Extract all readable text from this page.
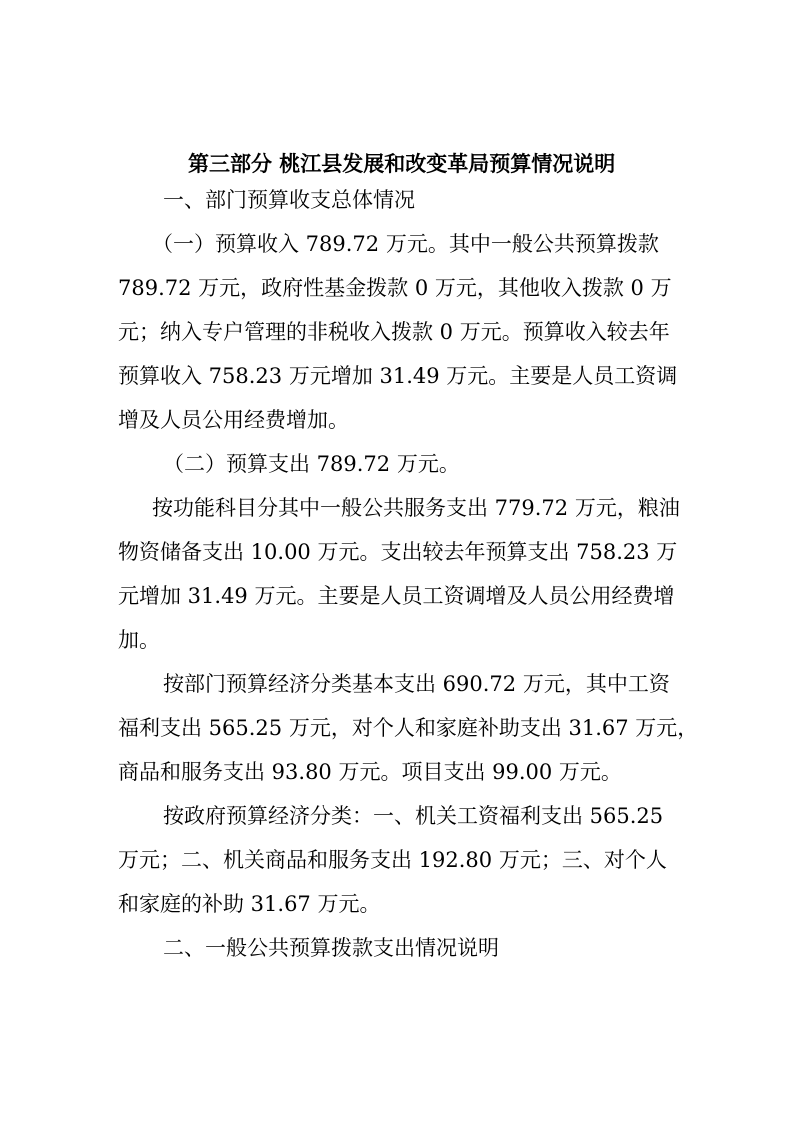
第三部分 桃江县发展和改变革局预算情况说明
一、部门预算收支总体情况
（一）预算收入 789.72 万元。其中一般公共预算拨款
789.72 万元，政府性基金拨款 0 万元，其他收入拨款 0 万
元；纳入专户管理的非税收入拨款 0 万元。预算收入较去年
预算收入 758.23 万元增加 31.49 万元。主要是人员工资调
增及人员公用经费增加。
（二）预算支出 789.72 万元。
按功能科目分其中一般公共服务支出 779.72 万元，粮油
物资储备支出 10.00 万元。支出较去年预算支出 758.23 万
元增加 31.49 万元。主要是人员工资调增及人员公用经费增
加。
按部门预算经济分类基本支出 690.72 万元，其中工资
福利支出 565.25 万元，对个人和家庭补助支出 31.67 万元，
商品和服务支出 93.80 万元。项目支出 99.00 万元。
按政府预算经济分类：一、机关工资福利支出 565.25
万元；二、机关商品和服务支出 192.80 万元；三、对个人
和家庭的补助 31.67 万元。
二、一般公共预算拨款支出情况说明
